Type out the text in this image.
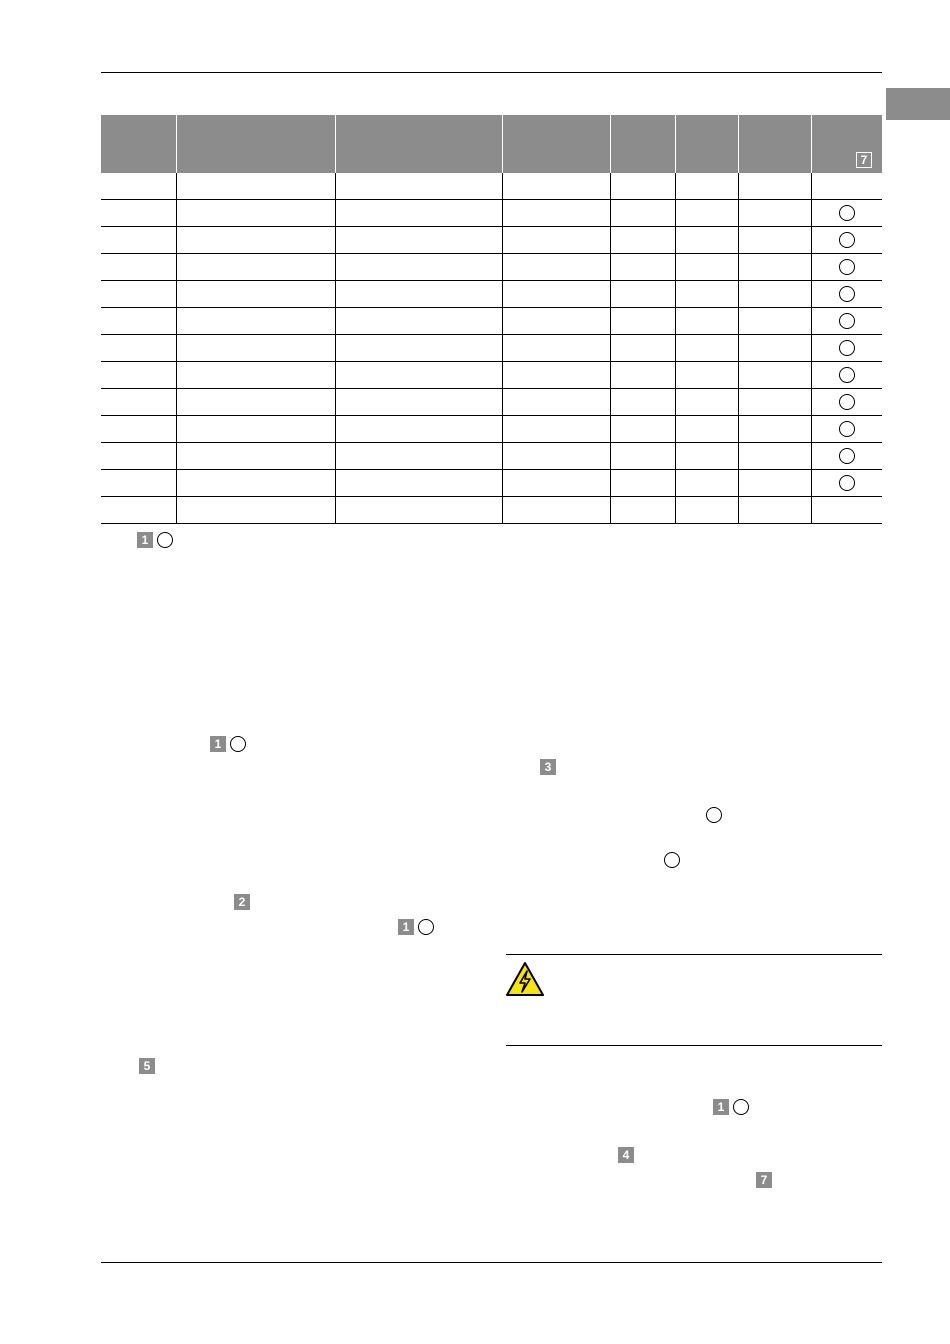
							7

1
1
2
1
5
3
1
4
7
